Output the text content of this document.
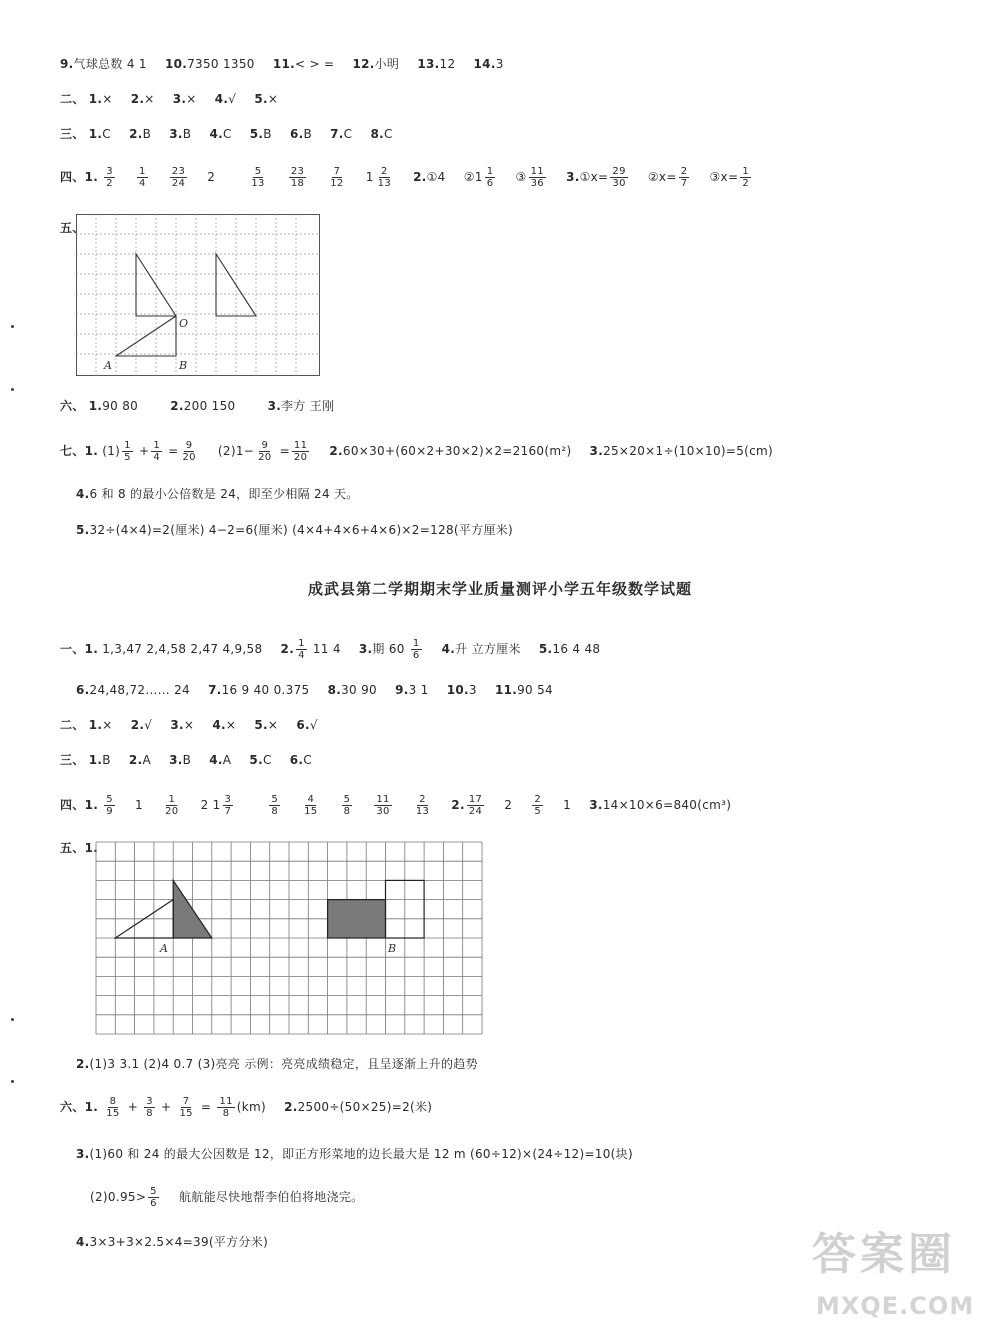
9.气球总数 4 1 10.7350 1350 11.< > = 12.小明 13.12 14.3
二、 1.× 2.× 3.× 4.√ 5.×
三、 1.C 2.B 3.B 4.C 5.B 6.B 7.C 8.C
四、1. $\frac{3}{2}$
$\frac{1}{4}$
$\frac{23}{24} 2$	$\frac{5}{13}$
$\frac{23}{18}$
$\frac{7}{12} 1 \frac{2}{13}$ 2.①4 ②1 $\frac{1}{6}$ ③ $\frac{11}{36}$ 3.①x= $\frac{29}{30}$ ②x= $\frac{2}{7}$ ③x= $\frac{1}{2}$
五、
O
A	B
六、 1.90 80	2.200 150	3.李方 王刚
七、1. $(1) \frac{1}{5} + \frac{1}{4} = \frac{9}{20} (2)1- \frac{9}{20} = \frac{11}{20} 2.60\times 30+(60\times 2+30\times 2)\times 2=2160(m^2)$ 3.25×20×1÷(10×10)=5(cm)
4.6 和 8 的最小公倍数是 24，即至少相隔 24 天。
5.32÷(4×4)=2(厘米) 4−2=6(厘米) (4×4+4×6+4×6)×2=128(平方厘米)
成武县第二学期期末学业质量测评小学五年级数学试题
一、1. 1,3,47 2,4,58 2,47 4,9,58 2. $\frac{1}{4} 11$ 4 3.期 $60 \frac{1}{6} 4$.升 立方厘米 5.16 4 48
6.24,48,72…… 24 7.16 9 40 0.375 8.30 90 9.3 1 10.3 11.90 54
二、 1.× 2.√ 3.× 4.× 5.× 6.√
三、 1.B 2.A 3.B 4.A 5.C 6.C
四、1. $\frac{5}{9} 1 \frac{1}{20} 2$ $1 \frac{3}{7}$
	$\frac{5}{8}$
$\frac{4}{15}$
$\frac{5}{8}$
$\frac{11}{30}$
$\frac{2}{13} 2$. $\frac{17}{24} 2 \frac{2}{5} 1$ 3.14×10×6=840(cm³)
五、1.
A	B
2.(1)3 3.1 (2)4 0.7 (3)亮亮 示例：亮亮成绩稳定，且呈逐渐上升的趋势
六、1. $\frac{8}{15} + \frac{3}{8} + \frac{7}{15} = \frac{11}{8} (km)$ 2.2500÷(50×25)=2(米)
3.(1)60 和 24 的最大公因数是 12，即正方形菜地的边长最大是 12 m (60÷12)×(24÷12)=10(块)
$(2)0.95> \frac{5}{6}$ 航航能尽快地帮李伯伯将地浇完。
4.3×3+3×2.5×4=39(平方分米)	答案圈
MXQE.COM
